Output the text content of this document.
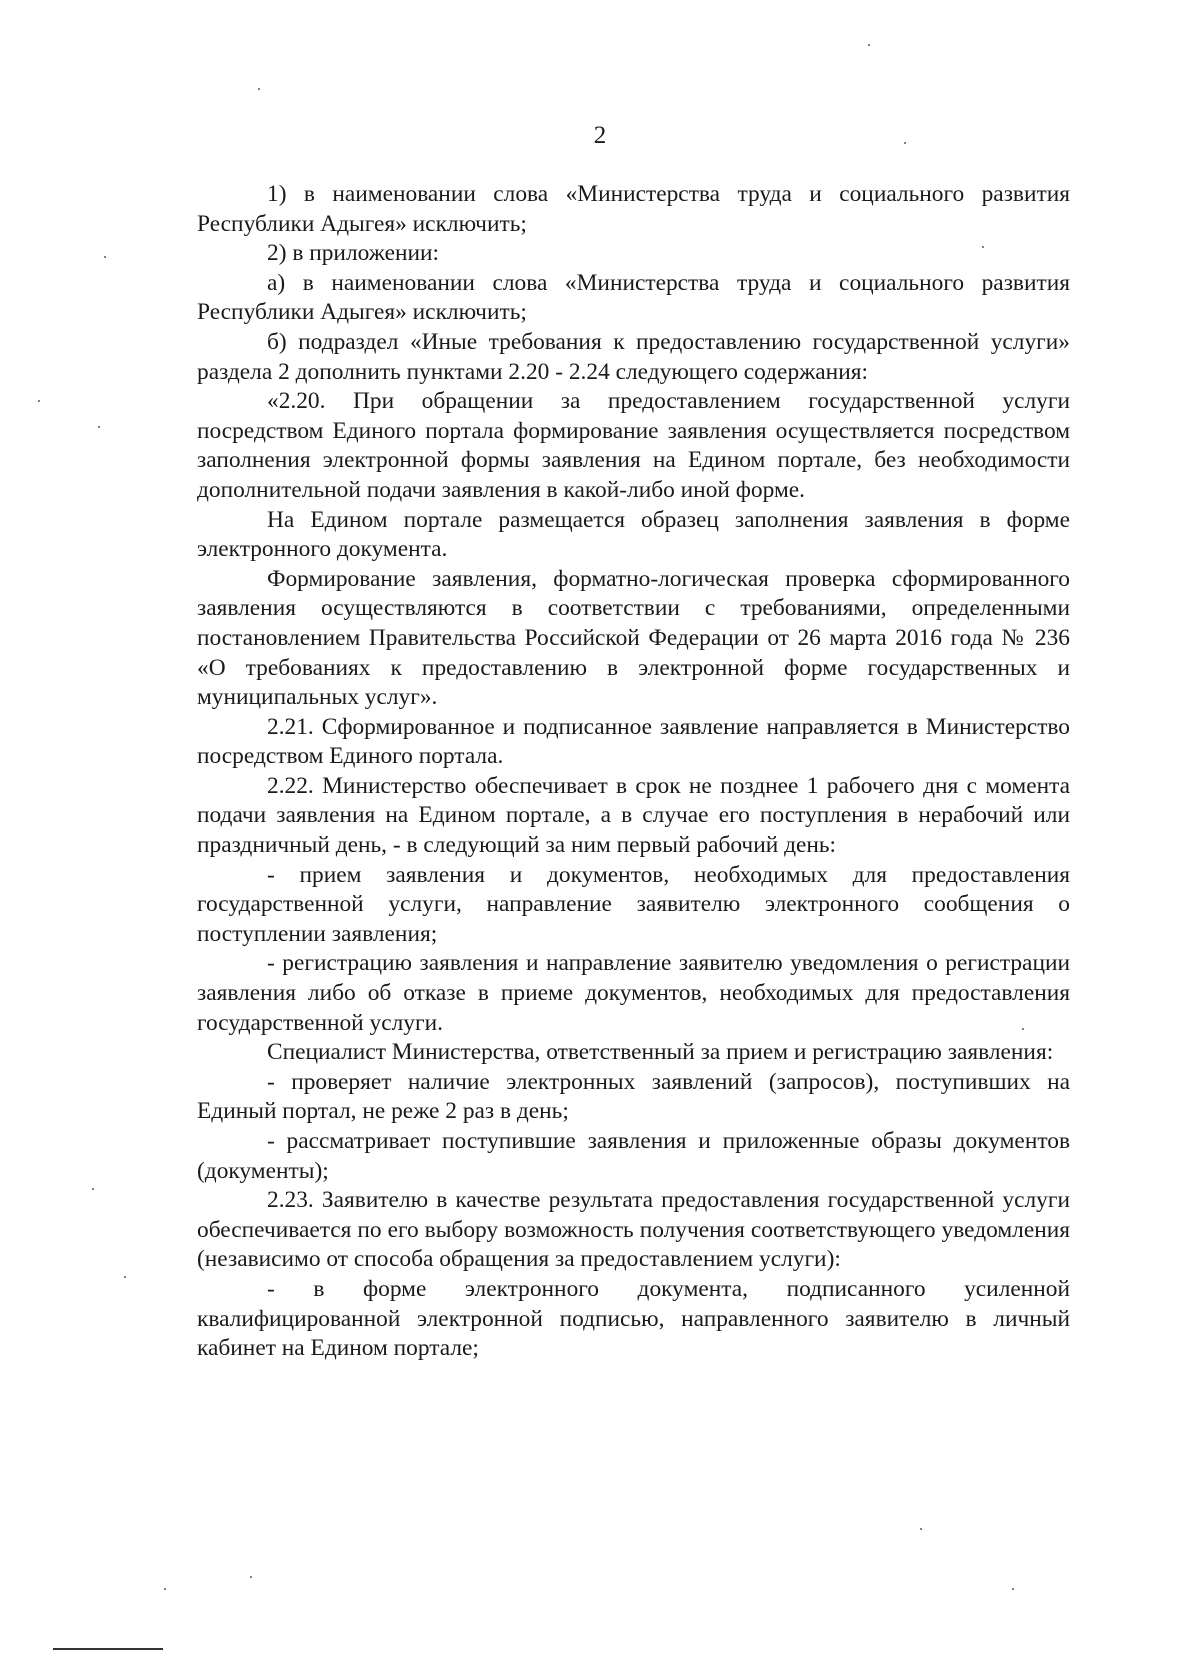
2

1) в наименовании слова «Министерства труда и социального развития Республики Адыгея» исключить;

2) в приложении:

а) в наименовании слова «Министерства труда и социального развития Республики Адыгея» исключить;

б) подраздел «Иные требования к предоставлению государственной услуги» раздела 2 дополнить пунктами 2.20 - 2.24 следующего содержания:

«2.20. При обращении за предоставлением государственной услуги посредством Единого портала формирование заявления осуществляется посредством заполнения электронной формы заявления на Едином портале, без необходимости дополнительной подачи заявления в какой-либо иной форме.

На Едином портале размещается образец заполнения заявления в форме электронного документа.

Формирование заявления, форматно-логическая проверка сформированного заявления осуществляются в соответствии с требованиями, определенными постановлением Правительства Российской Федерации от 26 марта 2016 года № 236 «О требованиях к предоставлению в электронной форме государственных и муниципальных услуг».

2.21. Сформированное и подписанное заявление направляется в Министерство посредством Единого портала.

2.22. Министерство обеспечивает в срок не позднее 1 рабочего дня с момента подачи заявления на Едином портале, а в случае его поступления в нерабочий или праздничный день, - в следующий за ним первый рабочий день:

- прием заявления и документов, необходимых для предоставления государственной услуги, направление заявителю электронного сообщения о поступлении заявления;

- регистрацию заявления и направление заявителю уведомления о регистрации заявления либо об отказе в приеме документов, необходимых для предоставления государственной услуги.

Специалист Министерства, ответственный за прием и регистрацию заявления:

- проверяет наличие электронных заявлений (запросов), поступивших на Единый портал, не реже 2 раз в день;

- рассматривает поступившие заявления и приложенные образы документов (документы);

2.23. Заявителю в качестве результата предоставления государственной услуги обеспечивается по его выбору возможность получения соответствующего уведомления (независимо от способа обращения за предоставлением услуги):

- в форме электронного документа, подписанного усиленной квалифицированной электронной подписью, направленного заявителю в личный кабинет на Едином портале;
